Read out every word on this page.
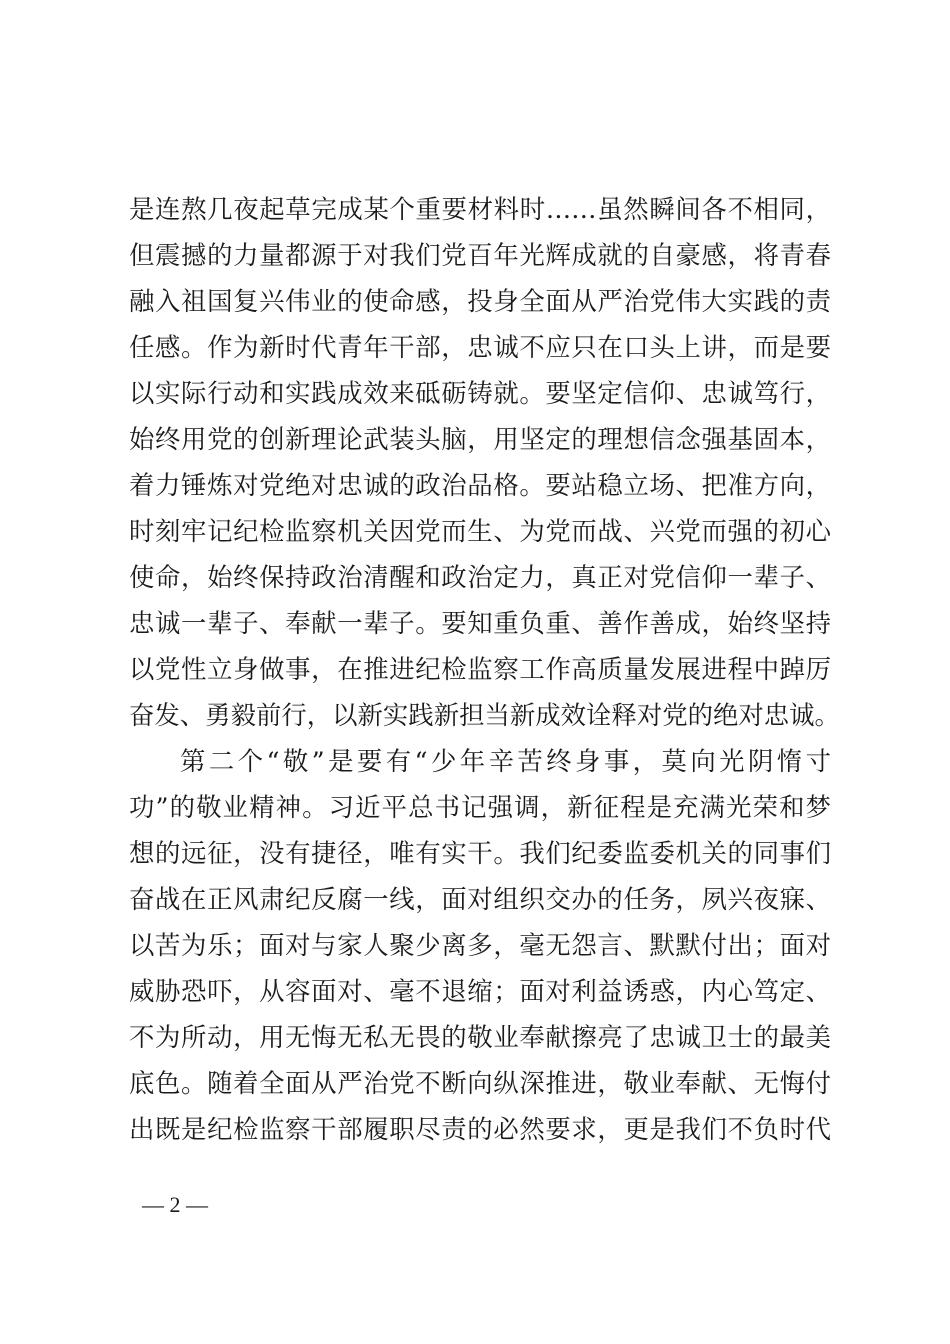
是连熬几夜起草完成某个重要材料时……虽然瞬间各不相同，
但震撼的力量都源于对我们党百年光辉成就的自豪感，将青春
融入祖国复兴伟业的使命感，投身全面从严治党伟大实践的责
任感。作为新时代青年干部，忠诚不应只在口头上讲，而是要
以实际行动和实践成效来砥砺铸就。要坚定信仰、忠诚笃行，
始终用党的创新理论武装头脑，用坚定的理想信念强基固本，
着力锤炼对党绝对忠诚的政治品格。要站稳立场、把准方向，
时刻牢记纪检监察机关因党而生、为党而战、兴党而强的初心
使命，始终保持政治清醒和政治定力，真正对党信仰一辈子、
忠诚一辈子、奉献一辈子。要知重负重、善作善成，始终坚持
以党性立身做事，在推进纪检监察工作高质量发展进程中踔厉
奋发、勇毅前行，以新实践新担当新成效诠释对党的绝对忠诚。
第二个“敬”是要有“少年辛苦终身事，莫向光阴惰寸
功”的敬业精神。习近平总书记强调，新征程是充满光荣和梦
想的远征，没有捷径，唯有实干。我们纪委监委机关的同事们
奋战在正风肃纪反腐一线，面对组织交办的任务，夙兴夜寐、
以苦为乐；面对与家人聚少离多，毫无怨言、默默付出；面对
威胁恐吓，从容面对、毫不退缩；面对利益诱惑，内心笃定、
不为所动，用无悔无私无畏的敬业奉献擦亮了忠诚卫士的最美
底色。随着全面从严治党不断向纵深推进，敬业奉献、无悔付
出既是纪检监察干部履职尽责的必然要求，更是我们不负时代
— 2 —
